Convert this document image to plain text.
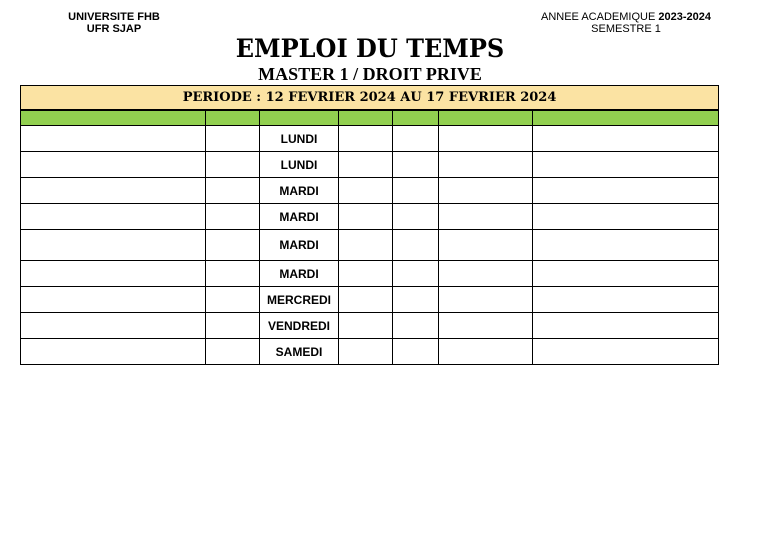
UNIVERSITE FHB
UFR SJAP
ANNEE ACADEMIQUE 2023-2024
SEMESTRE 1
EMPLOI DU TEMPS
MASTER 1 / DROIT PRIVE
PERIODE : 12 FEVRIER 2024 AU 17 FEVRIER 2024						

		LUNDI				
		LUNDI				
		MARDI				
		MARDI				
		MARDI				
		MARDI				
		MERCREDI				
		VENDREDI				
		SAMEDI				
